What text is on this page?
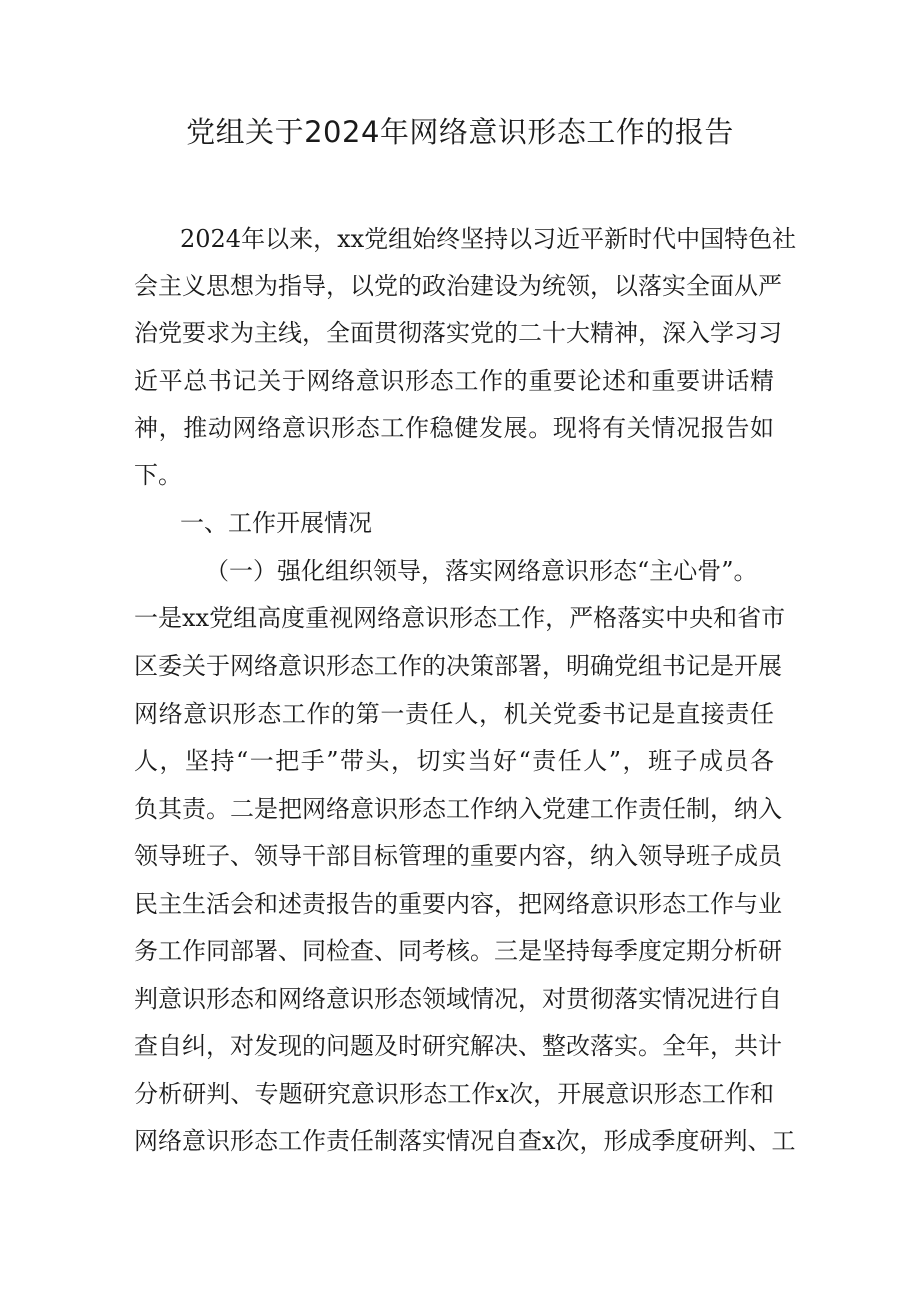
党组关于2024年网络意识形态工作的报告

2024年以来，xx党组始终坚持以习近平新时代中国特色社

会主义思想为指导，以党的政治建设为统领，以落实全面从严

治党要求为主线，全面贯彻落实党的二十大精神，深入学习习

近平总书记关于网络意识形态工作的重要论述和重要讲话精

神，推动网络意识形态工作稳健发展。现将有关情况报告如

下。

一、工作开展情况

（一）强化组织领导，落实网络意识形态“主心骨”。

一是xx党组高度重视网络意识形态工作，严格落实中央和省市

区委关于网络意识形态工作的决策部署，明确党组书记是开展

网络意识形态工作的第一责任人，机关党委书记是直接责任

人，坚持“一把手”带头，切实当好“责任人”，班子成员各

负其责。二是把网络意识形态工作纳入党建工作责任制，纳入

领导班子、领导干部目标管理的重要内容，纳入领导班子成员

民主生活会和述责报告的重要内容，把网络意识形态工作与业

务工作同部署、同检查、同考核。三是坚持每季度定期分析研

判意识形态和网络意识形态领域情况，对贯彻落实情况进行自

查自纠，对发现的问题及时研究解决、整改落实。全年，共计

分析研判、专题研究意识形态工作x次，开展意识形态工作和

网络意识形态工作责任制落实情况自查x次，形成季度研判、工
